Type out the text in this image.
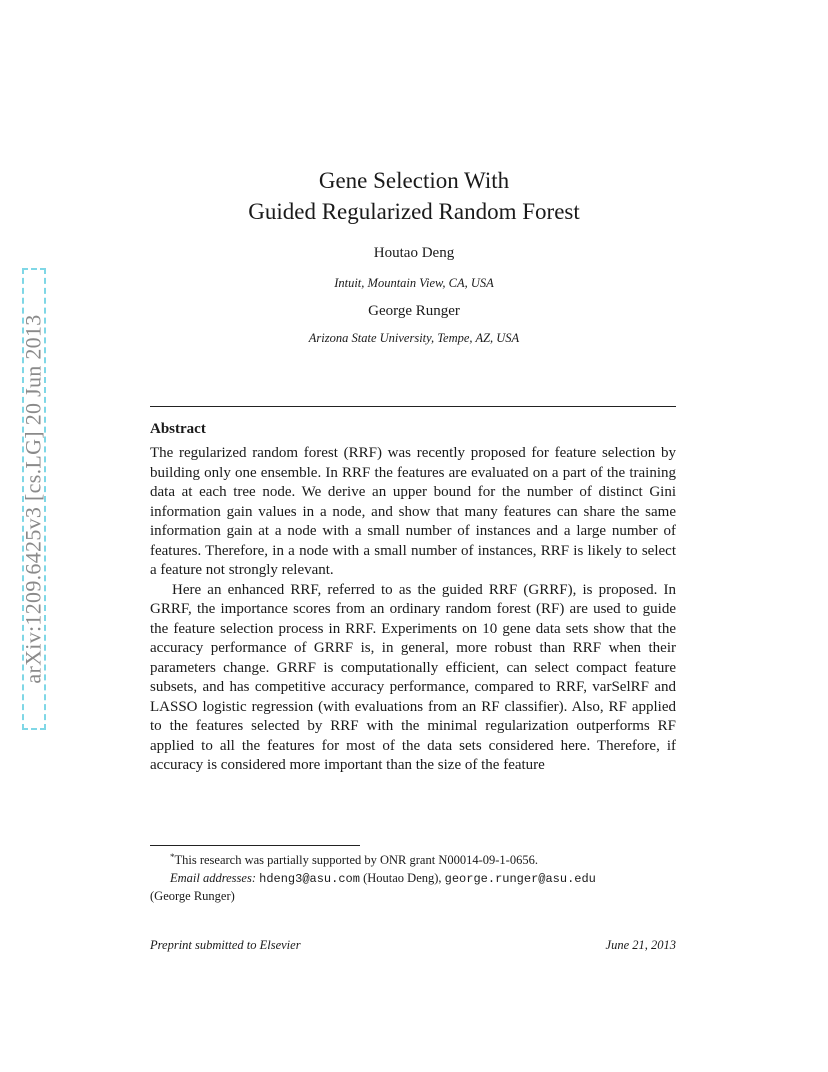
arXiv:1209.6425v3 [cs.LG] 20 Jun 2013
Gene Selection With
Guided Regularized Random Forest
Houtao Deng
Intuit, Mountain View, CA, USA
George Runger
Arizona State University, Tempe, AZ, USA
Abstract

The regularized random forest (RRF) was recently proposed for feature selection by building only one ensemble. In RRF the features are evaluated on a part of the training data at each tree node. We derive an upper bound for the number of distinct Gini information gain values in a node, and show that many features can share the same information gain at a node with a small number of instances and a large number of features. Therefore, in a node with a small number of instances, RRF is likely to select a feature not strongly relevant.

Here an enhanced RRF, referred to as the guided RRF (GRRF), is proposed. In GRRF, the importance scores from an ordinary random forest (RF) are used to guide the feature selection process in RRF. Experiments on 10 gene data sets show that the accuracy performance of GRRF is, in general, more robust than RRF when their parameters change. GRRF is computationally efficient, can select compact feature subsets, and has competitive accuracy performance, compared to RRF, varSelRF and LASSO logistic regression (with evaluations from an RF classifier). Also, RF applied to the features selected by RRF with the minimal regularization outperforms RF applied to all the features for most of the data sets considered here. Therefore, if accuracy is considered more important than the size of the feature

*This research was partially supported by ONR grant N00014-09-1-0656.
Email addresses: hdeng3@asu.com (Houtao Deng), george.runger@asu.edu
(George Runger)
Preprint submitted to Elsevier	June 21, 2013
